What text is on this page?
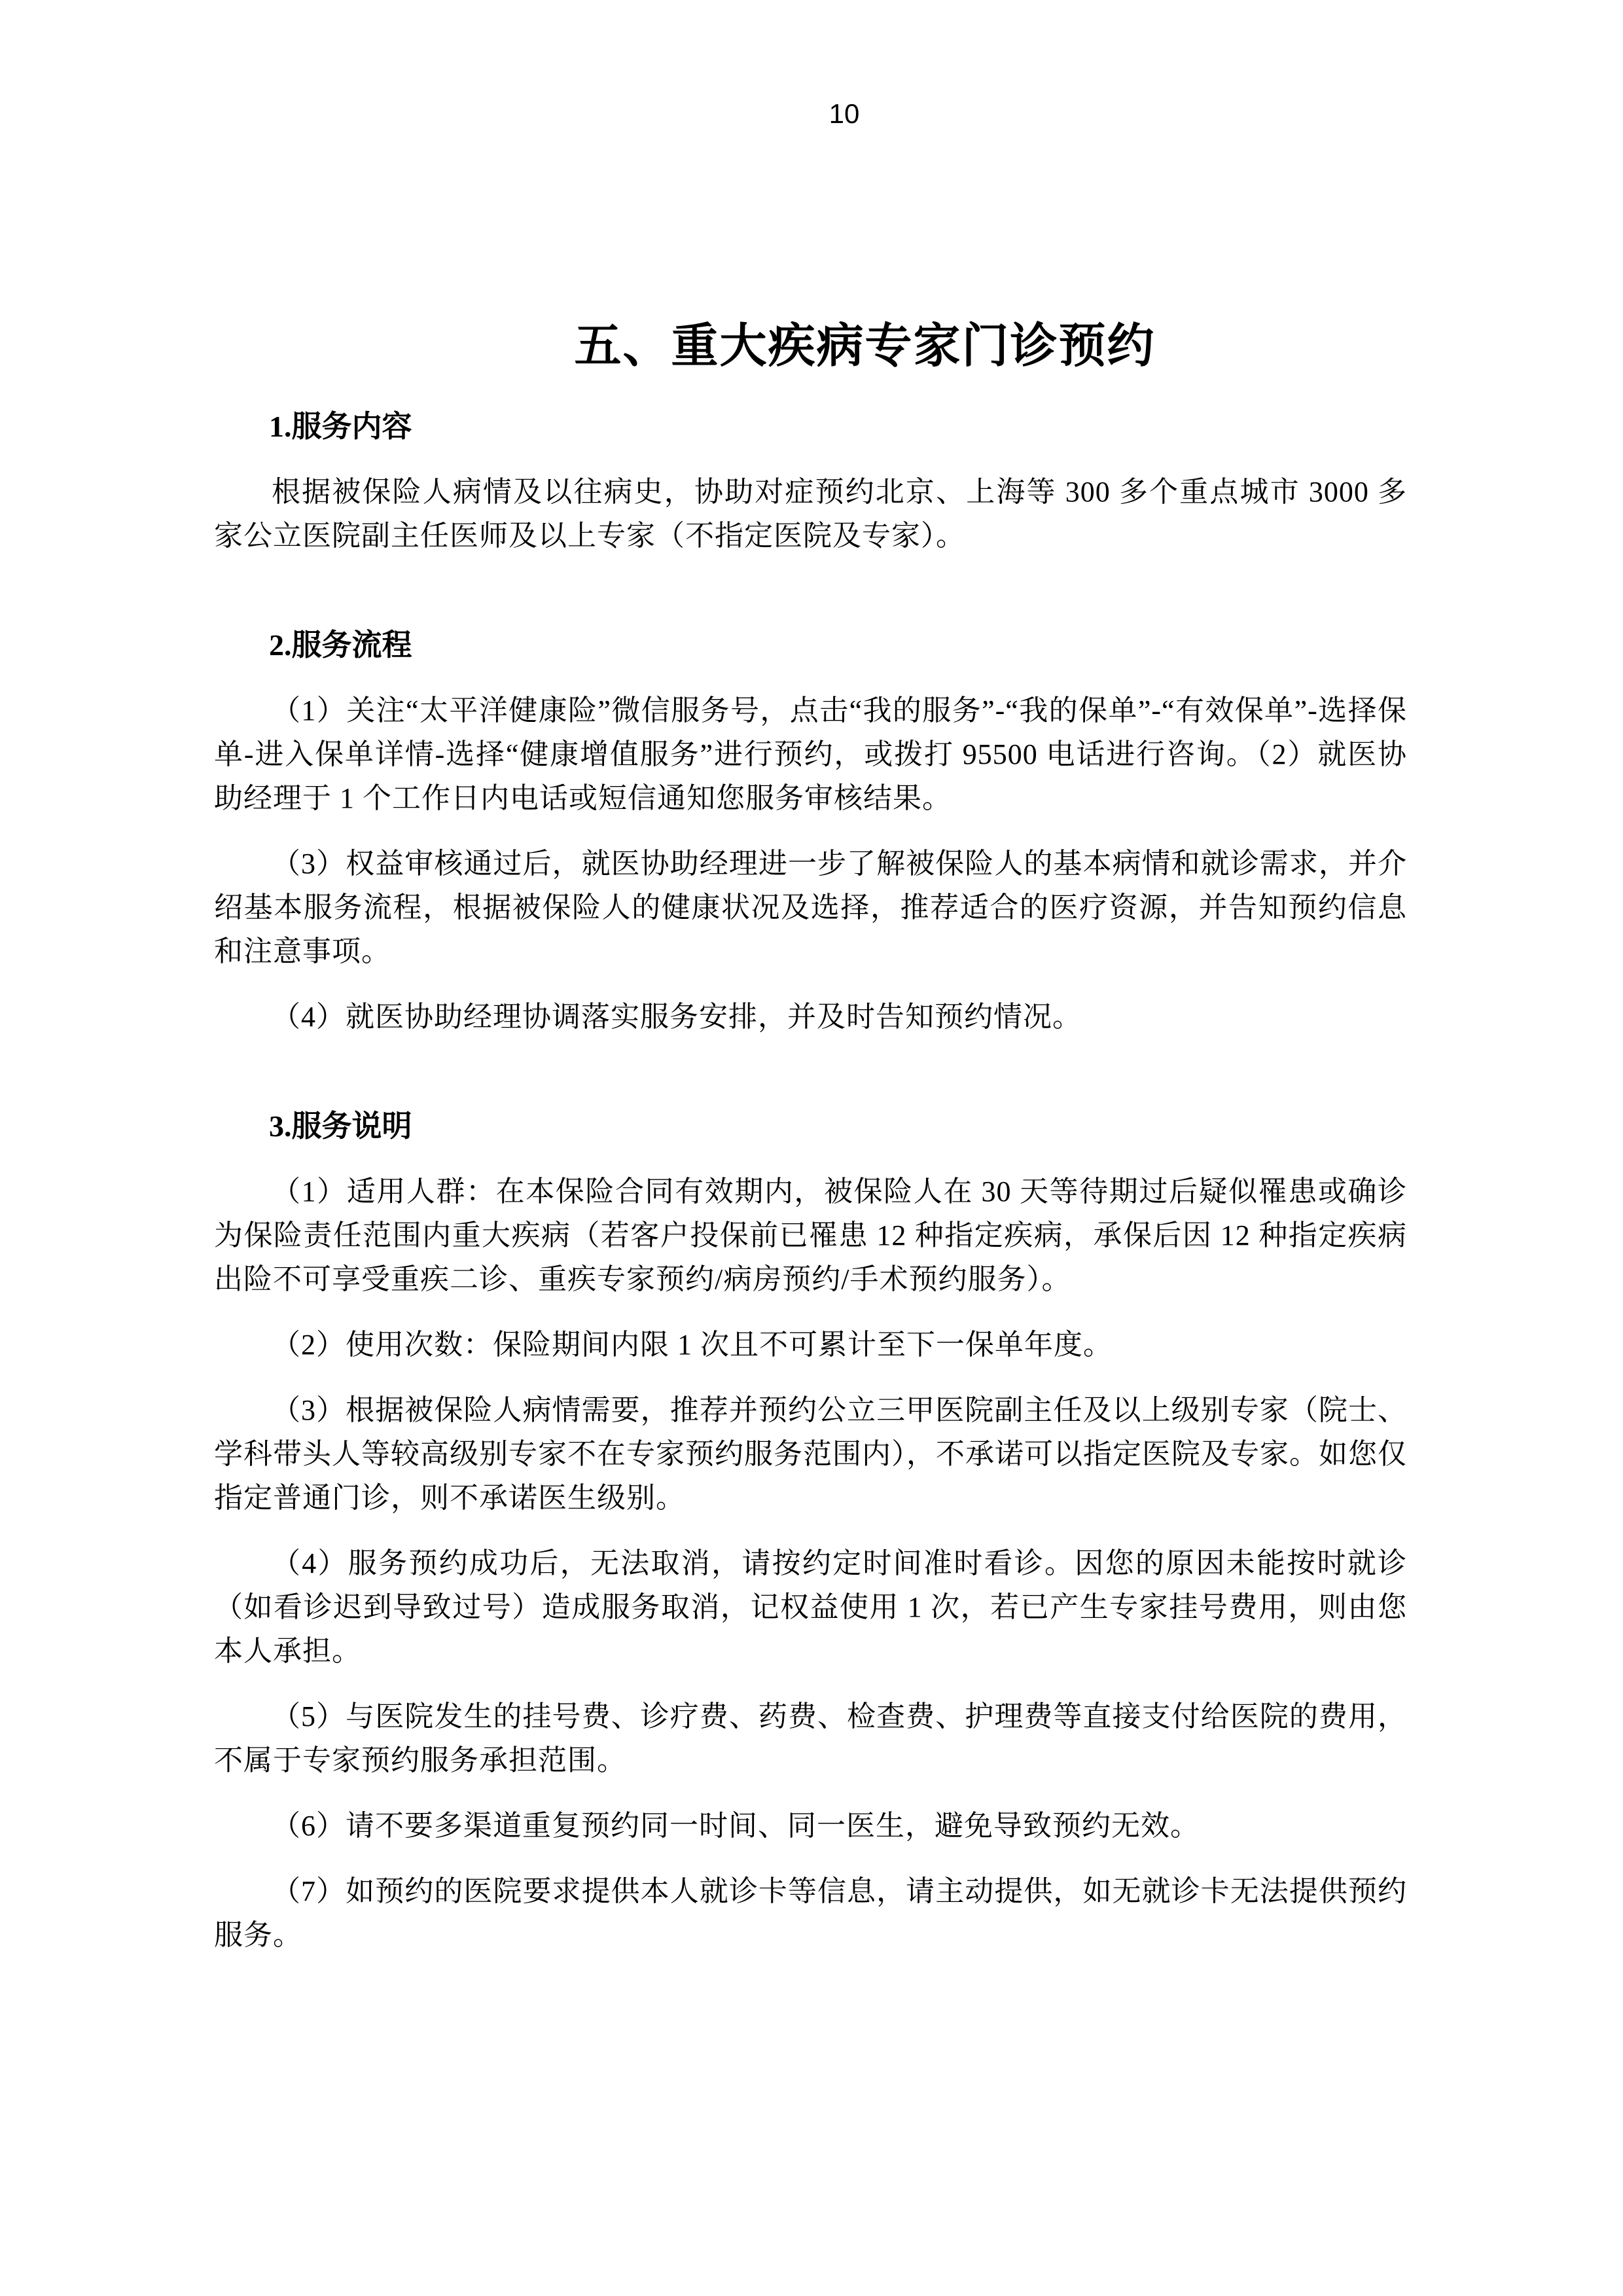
10
五、重大疾病专家门诊预约
1.服务内容

根据被保险人病情及以往病史，协助对症预约北京、上海等 300 多个重点城市 3000 多家公立医院副主任医师及以上专家（不指定医院及专家）。

2.服务流程

（1）关注“太平洋健康险”微信服务号，点击“我的服务”-“我的保单”-“有效保单”-选择保单-进入保单详情-选择“健康增值服务”进行预约，或拨打 95500 电话进行咨询。（2）就医协助经理于 1 个工作日内电话或短信通知您服务审核结果。

（3）权益审核通过后，就医协助经理进一步了解被保险人的基本病情和就诊需求，并介绍基本服务流程，根据被保险人的健康状况及选择，推荐适合的医疗资源，并告知预约信息和注意事项。

（4）就医协助经理协调落实服务安排，并及时告知预约情况。

3.服务说明

（1）适用人群：在本保险合同有效期内，被保险人在 30 天等待期过后疑似罹患或确诊为保险责任范围内重大疾病（若客户投保前已罹患 12 种指定疾病，承保后因 12 种指定疾病出险不可享受重疾二诊、重疾专家预约/病房预约/手术预约服务）。

（2）使用次数：保险期间内限 1 次且不可累计至下一保单年度。

（3）根据被保险人病情需要，推荐并预约公立三甲医院副主任及以上级别专家（院士、学科带头人等较高级别专家不在专家预约服务范围内），不承诺可以指定医院及专家。如您仅指定普通门诊，则不承诺医生级别。

（4）服务预约成功后，无法取消，请按约定时间准时看诊。因您的原因未能按时就诊（如看诊迟到导致过号）造成服务取消，记权益使用 1 次，若已产生专家挂号费用，则由您本人承担。

（5）与医院发生的挂号费、诊疗费、药费、检查费、护理费等直接支付给医院的费用，不属于专家预约服务承担范围。

（6）请不要多渠道重复预约同一时间、同一医生，避免导致预约无效。

（7）如预约的医院要求提供本人就诊卡等信息，请主动提供，如无就诊卡无法提供预约服务。
